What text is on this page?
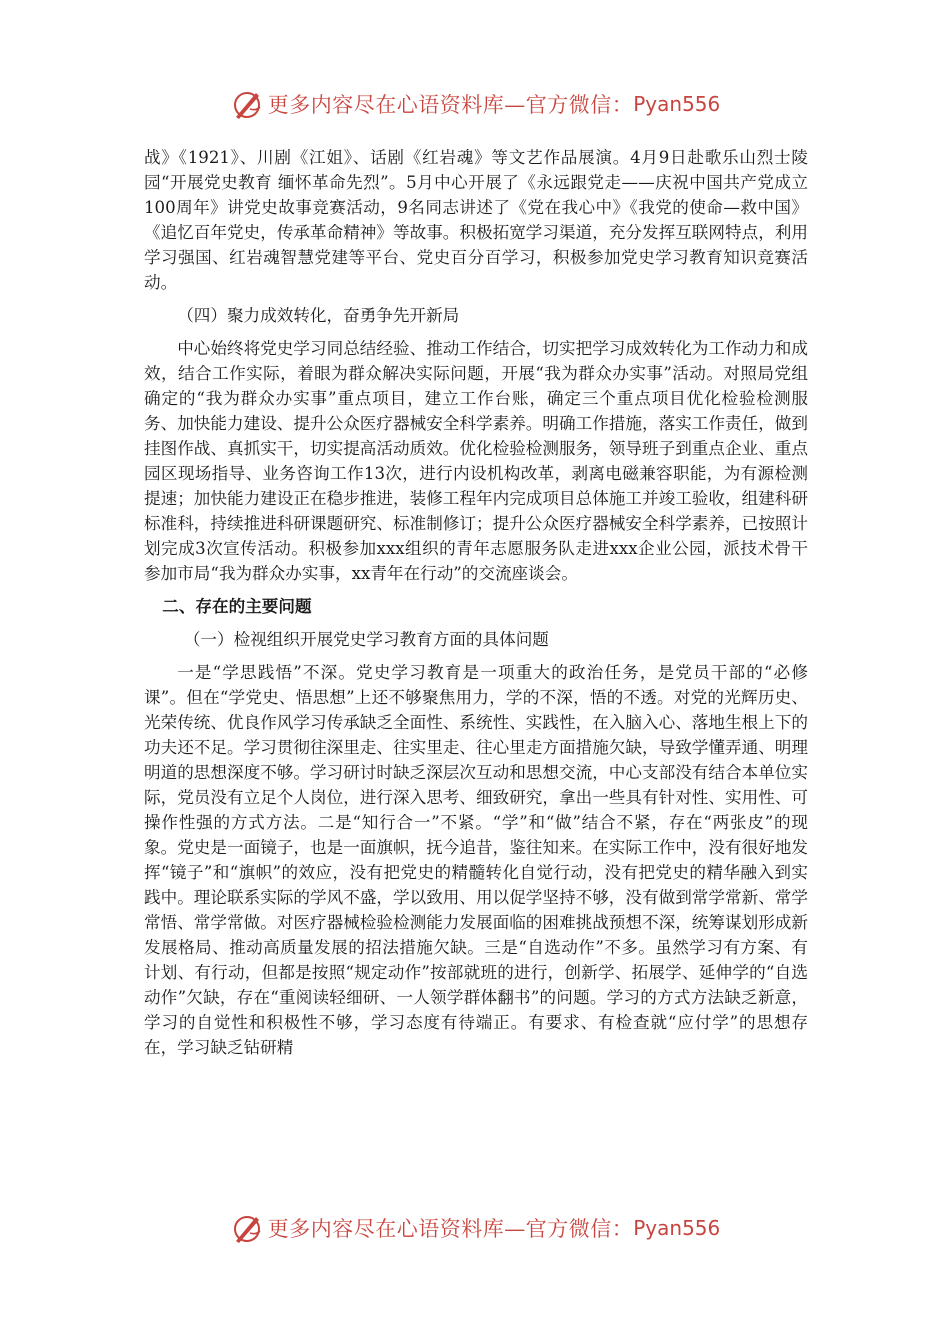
更多内容尽在心语资料库—官方微信： Pyan556

战》《1921》、川剧《江姐》、话剧《红岩魂》等文艺作品展演。4月9日赴歌乐山烈士陵园“开展党史教育 缅怀革命先烈”。5月中心开展了《永远跟党走——庆祝中国共产党成立100周年》讲党史故事竞赛活动，9名同志讲述了《党在我心中》《我党的使命—救中国》《追忆百年党史，传承革命精神》等故事。积极拓宽学习渠道，充分发挥互联网特点，利用学习强国、红岩魂智慧党建等平台、党史百分百学习，积极参加党史学习教育知识竞赛活动。

（四）聚力成效转化，奋勇争先开新局

中心始终将党史学习同总结经验、推动工作结合，切实把学习成效转化为工作动力和成效，结合工作实际，着眼为群众解决实际问题，开展“我为群众办实事”活动。对照局党组确定的“我为群众办实事”重点项目，建立工作台账，确定三个重点项目优化检验检测服务、加快能力建设、提升公众医疗器械安全科学素养。明确工作措施，落实工作责任，做到挂图作战、真抓实干，切实提高活动质效。优化检验检测服务，领导班子到重点企业、重点园区现场指导、业务咨询工作13次，进行内设机构改革，剥离电磁兼容职能，为有源检测提速；加快能力建设正在稳步推进，装修工程年内完成项目总体施工并竣工验收，组建科研标准科，持续推进科研课题研究、标准制修订；提升公众医疗器械安全科学素养，已按照计划完成3次宣传活动。积极参加xxx组织的青年志愿服务队走进xxx企业公园，派技术骨干参加市局“我为群众办实事，xx青年在行动”的交流座谈会。

二、存在的主要问题

（一）检视组织开展党史学习教育方面的具体问题

一是“学思践悟”不深。党史学习教育是一项重大的政治任务，是党员干部的“必修课”。但在“学党史、悟思想”上还不够聚焦用力，学的不深，悟的不透。对党的光辉历史、光荣传统、优良作风学习传承缺乏全面性、系统性、实践性，在入脑入心、落地生根上下的功夫还不足。学习贯彻往深里走、往实里走、往心里走方面措施欠缺，导致学懂弄通、明理明道的思想深度不够。学习研讨时缺乏深层次互动和思想交流，中心支部没有结合本单位实际，党员没有立足个人岗位，进行深入思考、细致研究，拿出一些具有针对性、实用性、可操作性强的方式方法。二是“知行合一”不紧。“学”和“做”结合不紧，存在“两张皮”的现象。党史是一面镜子，也是一面旗帜，抚今追昔，鉴往知来。在实际工作中，没有很好地发挥“镜子”和“旗帜”的效应，没有把党史的精髓转化自觉行动，没有把党史的精华融入到实践中。理论联系实际的学风不盛，学以致用、用以促学坚持不够，没有做到常学常新、常学常悟、常学常做。对医疗器械检验检测能力发展面临的困难挑战预想不深，统筹谋划形成新发展格局、推动高质量发展的招法措施欠缺。三是“自选动作”不多。虽然学习有方案、有计划、有行动，但都是按照“规定动作”按部就班的进行，创新学、拓展学、延伸学的“自选动作”欠缺，存在“重阅读轻细研、一人领学群体翻书”的问题。学习的方式方法缺乏新意，学习的自觉性和积极性不够，学习态度有待端正。有要求、有检查就“应付学”的思想存在，学习缺乏钻研精

更多内容尽在心语资料库—官方微信： Pyan556
